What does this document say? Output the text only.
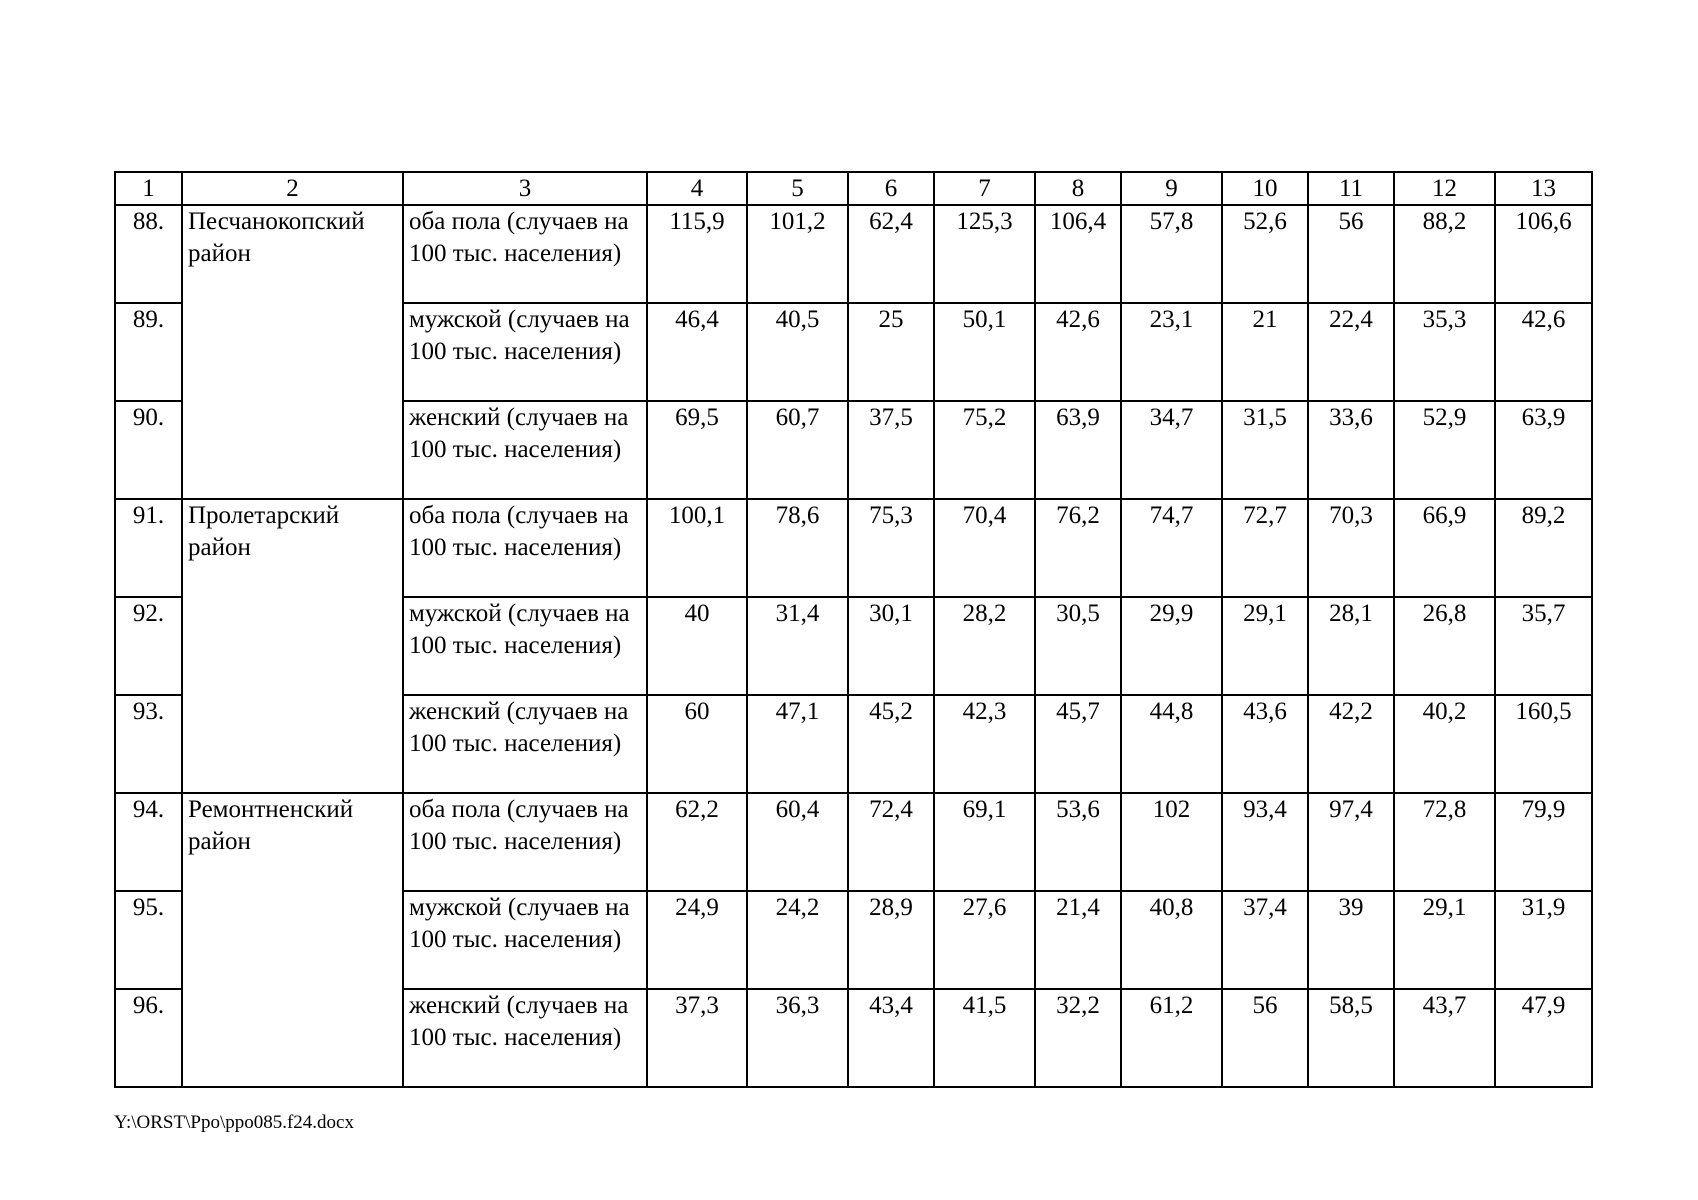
1	2	3	4	5	6	7	8	9	10	11	12	13
88.	Песчанокопский район	оба пола (случаев на 100 тыс. населения)	115,9	101,2	62,4	125,3	106,4	57,8	52,6	56	88,2	106,6
89.		мужской (случаев на 100 тыс. населения)	46,4	40,5	25	50,1	42,6	23,1	21	22,4	35,3	42,6
90.		женский (случаев на 100 тыс. населения)	69,5	60,7	37,5	75,2	63,9	34,7	31,5	33,6	52,9	63,9
91.	Пролетарский район	оба пола (случаев на 100 тыс. населения)	100,1	78,6	75,3	70,4	76,2	74,7	72,7	70,3	66,9	89,2
92.		мужской (случаев на 100 тыс. населения)	40	31,4	30,1	28,2	30,5	29,9	29,1	28,1	26,8	35,7
93.		женский (случаев на 100 тыс. населения)	60	47,1	45,2	42,3	45,7	44,8	43,6	42,2	40,2	160,5
94.	Ремонтненский район	оба пола (случаев на 100 тыс. населения)	62,2	60,4	72,4	69,1	53,6	102	93,4	97,4	72,8	79,9
95.		мужской (случаев на 100 тыс. населения)	24,9	24,2	28,9	27,6	21,4	40,8	37,4	39	29,1	31,9
96.		женский (случаев на 100 тыс. населения)	37,3	36,3	43,4	41,5	32,2	61,2	56	58,5	43,7	47,9
Y:\ORST\Ppo\ppo085.f24.docx
